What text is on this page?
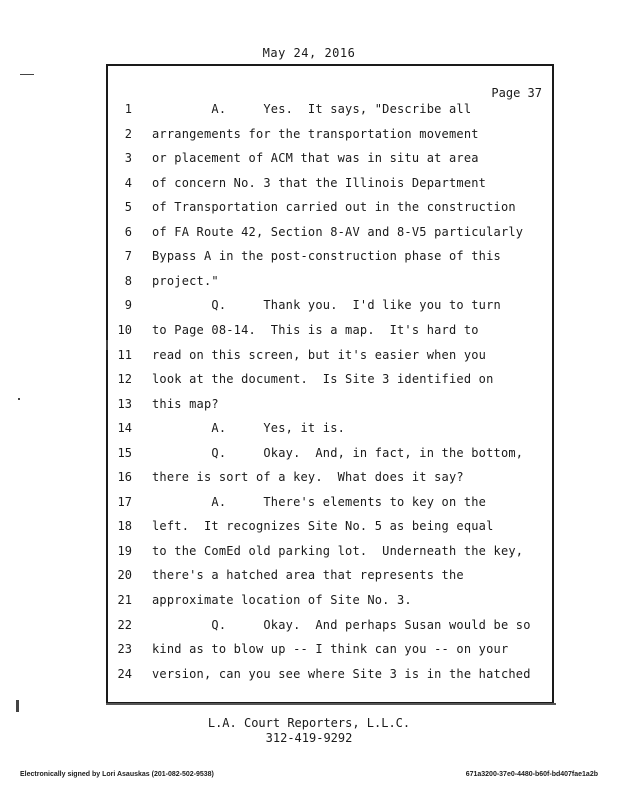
May 24, 2016
Page 37
1 A.     Yes.  It says, "Describe all
2 arrangements for the transportation movement
3 or placement of ACM that was in situ at area
4 of concern No. 3 that the Illinois Department
5 of Transportation carried out in the construction
6 of FA Route 42, Section 8-AV and 8-V5 particularly
7 Bypass A in the post-construction phase of this
8 project."
9 Q.     Thank you.  I'd like you to turn
10 to Page 08-14.  This is a map.  It's hard to
11 read on this screen, but it's easier when you
12 look at the document.  Is Site 3 identified on
13 this map?
14 A.     Yes, it is.
15 Q.     Okay.  And, in fact, in the bottom,
16 there is sort of a key.  What does it say?
17 A.     There's elements to key on the
18 left.  It recognizes Site No. 5 as being equal
19 to the ComEd old parking lot.  Underneath the key,
20 there's a hatched area that represents the
21 approximate location of Site No. 3.
22 Q.     Okay.  And perhaps Susan would be so
23 kind as to blow up -- I think can you -- on your
24 version, can you see where Site 3 is in the hatched
L.A. Court Reporters, L.L.C.
312-419-9292
Electronically signed by Lori Asauskas (201-082-502-9538)	671a3200-37e0-4480-b60f-bd407fae1a2b
